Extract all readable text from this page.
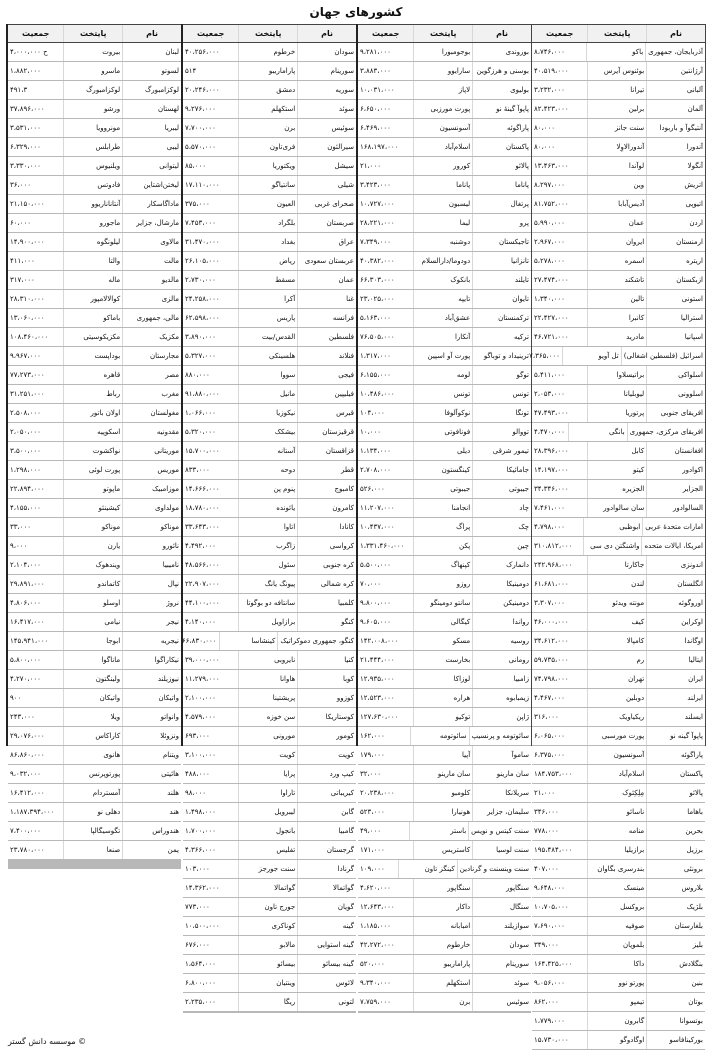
کشورهای جهان
نام
پایتخت
جمعیت
آذربایجان، جمهوری
باکو
۸،۷۴۶،۰۰۰
آرژانتین
بوئنوس آیرس
۴۰،۵۱۹،۰۰۰
آلبانی
تیرانا
۳،۲۳۲،۰۰۰
آلمان
برلین
۸۲،۴۲۳،۰۰۰
آنتیگوآ و باربودا
سنت جانز
۸۰،۰۰۰
آندورا
آندورالاوِلا
۸۰،۰۰۰
آنگولا
لوآندا
۱۳،۴۶۳،۰۰۰
اتریش
وین
۸،۲۹۷،۰۰۰
اتیوپی
آدیس‌آبابا
۸۱،۷۵۲،۰۰۰
اردن
عمان
۵،۹۹۰،۰۰۰
ارمنستان
ایروان
۲،۹۶۷،۰۰۰
اریتره
اسمره
۵،۲۷۸،۰۰۰
ازبکستان
تاشکند
۲۷،۴۷۴،۰۰۰
استونی
تالین
۱،۳۴۰،۰۰۰
استرالیا
کانبرا
۲۲،۴۲۷،۰۰۰
اسپانیا
مادرید
۴۶،۷۲۱،۰۰۰
اسرائیل (فلسطین اشغالی)
تل آویو
۷،۳۶۵،۰۰۰
اسلواکی
براتیسلاوا
۵،۴۱۱،۰۰۰
اسلوونی
لیوبلیانا
۲،۰۵۳،۰۰۰
افریقای جنوبی
پرتوریا
۴۷،۴۹۳،۰۰۰
افریقای مرکزی، جمهوری
بانگی
۴،۴۷۰،۰۰۰
افغانستان
کابل
۲۸،۳۹۶،۰۰۰
اکوادور
کیتو
۱۴،۱۹۷،۰۰۰
الجزایر
الجزیره
۳۴،۳۴۶،۰۰۰
السالوادور
سان سالوادور
۷،۴۶۱،۰۰۰
امارات متحدهٔ عربی
ابوظبی
۴،۷۹۸،۰۰۰
امریکا، ایالات متحده
واشنگتن دی سی
۳۱۰،۸۱۲،۰۰۰
اندونزی
جاکارتا
۲۴۲،۹۶۸،۰۰۰
انگلستان
لندن
۶۱،۶۸۱،۰۰۰
اوروگوئه
مونته ویدئو
۳،۳۰۷،۰۰۰
اوکراین
کیف
۴۶،۰۰۰،۰۰۰
اوگاندا
کامپالا
۳۴،۶۱۲،۰۰۰
ایتالیا
رم
۵۹،۷۳۵،۰۰۰
ایران
تهران
۷۴،۷۹۸،۰۰۰
ایرلند
دوبلین
۴،۴۶۷،۰۰۰
ایسلند
ریکیاویک
۳۱۶،۰۰۰
پاپوآ گینه نو
پورت مورسبی
۶،۰۶۵،۰۰۰
پاراگوئه
آسونسیون
۶،۳۷۵،۰۰۰
پاکستان
اسلام‌آباد
۱۸۴،۷۵۳،۰۰۰
پالائو
مِلِکِئوک
۲۱،۰۰۰
باهاما
ناسائو
۳۴۶،۰۰۰
بحرین
منامه
۷۷۸،۰۰۰
برزیل
برازیلیا
۱۹۵،۴۸۴،۰۰۰
برونئی
بندرسری بگاوان
۴۰۷،۰۰۰
بلاروس
مینسک
۹،۶۴۸،۰۰۰
بلژیک
بروکسل
۱۰،۷۰۵،۰۰۰
بلغارستان
صوفیه
۷،۶۹۰،۰۰۰
بلیز
بلموپان
۳۴۹،۰۰۰
بنگلادش
داکا
۱۶۴،۴۲۵،۰۰۰
بنین
پورتو نوو
۹،۰۵۶،۰۰۰
بوتان
تیمپو
۸۶۲،۰۰۰
بوتسوانا
گابرون
۱،۷۷۹،۰۰۰
بورکینافاسو
اوگادوگو
۱۵،۷۳۰،۰۰۰
نام
پایتخت
جمعیت
بوروندی
بوجومبورا
۹،۲۸۱،۰۰۰
بوسنی و هرزگوین
سارایوو
۳،۸۸۳،۰۰۰
بولیوی
لاپاز
۱۰،۰۳۱،۰۰۰
پاپوآ گینهٔ نو
پورت مورزبی
۶،۶۵۰،۰۰۰
پاراگوئه
آسونسیون
۶،۴۶۹،۰۰۰
پاکستان
اسلام‌آباد
۱۶۸،۱۹۷،۰۰۰
پالائو
کورور
۲۱،۰۰۰
پاناما
پاناما
۳،۴۲۳،۰۰۰
پرتغال
لیسبون
۱۰،۷۲۷،۰۰۰
پرو
لیما
۲۸،۲۲۱،۰۰۰
تاجیکستان
دوشنبه
۷،۳۴۹،۰۰۰
تانزانیا
دودوما/دارالسلام
۴۰،۳۸۲،۰۰۰
تایلند
بانکوک
۶۶،۳۰۳،۰۰۰
تایوان
تایپه
۲۳،۰۲۵،۰۰۰
ترکمنستان
عشق‌آباد
۵،۱۶۳،۰۰۰
ترکیه
آنکارا
۷۶،۵۰۵،۰۰۰
ترینیداد و توباگو
پورت آو اسپین
۱،۳۱۷،۰۰۰
توگو
لومه
۶،۱۵۵،۰۰۰
تونس
تونس
۱۰،۴۸۶،۰۰۰
تونگا
نوکوآلوفا
۱۰۴،۰۰۰
تووالو
فونافوتی
۱۰،۰۰۰
تیمور شرقی
دیلی
۱،۱۳۴،۰۰۰
جامائیکا
کینگستون
۲،۷۰۸،۰۰۰
جیبوتی
جیبوتی
۵۲۶،۰۰۰
چاد
انجامنا
۱۱،۲۰۷،۰۰۰
چک
پراگ
۱۰،۴۳۷،۰۰۰
چین
پکن
۱،۳۳۱،۴۶۰،۰۰۰
دانمارک
کپنهاگ
۵،۵۰۰،۰۰۰
دومینیکا
روزو
۷۰،۰۰۰
دومینیکن
سانتو دومینگو
۹،۸۰۰،۰۰۰
رواندا
کیگالی
۹،۶۰۵،۰۰۰
روسیه
مسکو
۱۴۲،۰۰۸،۰۰۰
رومانی
بخارست
۲۱،۴۴۴،۰۰۰
زامبیا
لوزاکا
۱۲،۹۳۵،۰۰۰
زیمبابوه
هراره
۱۲،۵۲۳،۰۰۰
ژاپن
توکیو
۱۲۷،۶۳۰،۰۰۰
سائوتومه و پرنسیپ
سائوتومه
۱۶۲،۰۰۰
ساموآ
آپیا
۱۷۹،۰۰۰
سان مارینو
سان مارینو
۳۲،۰۰۰
سریلانکا
کلومبو
۲۰،۲۳۸،۰۰۰
سلیمان، جزایر
هونیارا
۵۲۳،۰۰۰
سنت کیتس و نویس
باستر
۴۹،۰۰۰
سنت لوسیا
کاستریس
۱۷۱،۰۰۰
سنت وینسنت و گرنادین
کینگز تاون
۱۰۹،۰۰۰
سنگاپور
سنگاپور
۴،۶۲۰،۰۰۰
سنگال
داکار
۱۲،۶۴۳،۰۰۰
سوازیلند
امبابانه
۱،۱۸۵،۰۰۰
سودان
خارطوم
۴۲،۲۷۲،۰۰۰
سورینام
پاراماریبو
۵۲۰،۰۰۰
سوئد
استکهلم
۹،۳۴۰،۰۰۰
سوئیس
برن
۷،۷۵۹،۰۰۰
نام
پایتخت
جمعیت
سودان
خرطوم
۴۰،۲۵۶،۰۰۰
سورینام
پاراماریبو
۵۱۴
سوریه
دمشق
۲۰،۲۴۶،۰۰۰
سوئد
استکهلم
۹،۲۷۶،۰۰۰
سوئیس
برن
۷،۷۰۰،۰۰۰
سیرالئون
فری‌تاون
۵،۵۷۰،۰۰۰
سیشل
ویکتوریا
۸۵،۰۰۰
شیلی
سانتیاگو
۱۷،۱۱۰،۰۰۰
صحرای غربی
العیون
۳۷۵،۰۰۰
صربستان
بلگراد
۷،۴۵۳،۰۰۰
عراق
بغداد
۳۱،۴۷۰،۰۰۰
عربستان سعودی
ریاض
۲۶،۱۰۵،۰۰۰
عمان
مسقط
۲،۷۳۰،۰۰۰
غنا
آکرا
۲۴،۲۵۸،۰۰۰
فرانسه
پاریس
۶۲،۵۹۸،۰۰۰
فلسطین
القدس/بیت
۳،۸۹۰،۰۰۰
فنلاند
هلسینکی
۵،۳۲۷،۰۰۰
فیجی
سووا
۸۸۰،۰۰۰
فیلیپین
مانیل
۹۱،۸۸۰،۰۰۰
قبرس
نیکوزیا
۱،۰۶۶،۰۰۰
قرقیزستان
بیشکک
۵،۳۲۰،۰۰۰
قزاقستان
آستانه
۱۵،۷۰۰،۰۰۰
قطر
دوحه
۸۳۳،۰۰۰
کامبوج
پنوم پن
۱۴،۶۶۶،۰۰۰
کامرون
یائونده
۱۸،۷۸۰،۰۰۰
کانادا
اتاوا
۳۳،۶۴۳،۰۰۰
کرواسی
زاگرب
۴،۴۹۲،۰۰۰
کره جنوبی
سئول
۴۸،۵۶۶،۰۰۰
کره شمالی
پیونگ یانگ
۲۲،۹۰۷،۰۰۰
کلمبیا
سانتافه دو بوگوتا
۴۴،۱۰۰،۰۰۰
کنگو
برازاویل
۴،۱۴۰،۰۰۰
کنگو، جمهوری دموکراتیک
کینشاسا
۶۶،۸۳۰،۰۰۰
کنیا
نایروبی
۳۹،۰۰۰،۰۰۰
کوبا
هاوانا
۱۱،۲۷۹،۰۰۰
کوزوو
پریشتینا
۲،۱۰۰،۰۰۰
کوستاریکا
سن خوزه
۴،۵۷۹،۰۰۰
کومور
مورونی
۶۹۳،۰۰۰
کویت
کویت
۳،۱۰۰،۰۰۰
کیپ ورد
پرایا
۴۸۸،۰۰۰
کیریباتی
تاراوا
۹۸،۰۰۰
گابن
لیبرویل
۱،۴۹۸،۰۰۰
گامبیا
بانجول
۱،۷۰۰،۰۰۰
گرجستان
تفلیس
۴،۳۶۶،۰۰۰
گرنادا
سنت جورجز
۱۰۳،۰۰۰
گواتمالا
گواتمالا
۱۴،۳۶۲،۰۰۰
گویان
جورج تاون
۷۷۳،۰۰۰
گینه
کوناکری
۱۰،۵۰۰،۰۰۰
گینه استوایی
مالابو
۶۷۶،۰۰۰
گینه بیسائو
بیسائو
۱،۵۶۴،۰۰۰
لائوس
وینتیان
۶،۸۰۰،۰۰۰
لتونی
ریگا
۲،۲۳۵،۰۰۰
نام
پایتخت
جمعیت
لبنان
بیروت
۴،۰۰۰،۰۰۰ ح
لسوتو
ماسرو
۱،۸۸۲،۰۰۰
لوکزامبورگ
لوکزامبورگ
۴۹۱،۳
لهستان
ورشو
۳۷،۸۹۶،۰۰۰
لیبریا
مونروویا
۳،۵۳۱،۰۰۰
لیبی
طرابلس
۶،۳۲۹،۰۰۰
لیتوانی
ویلنیوس
۳،۳۳۰،۰۰۰
لیختن‌اشتاین
فادوتس
۳۶،۰۰۰
ماداگاسکار
آنتاناناریوو
۲۱،۱۵۰،۰۰۰
مارشال، جزایر
ماجورو
۶۰،۰۰۰
مالاوی
لیلونگوه
۱۴،۹۰۰،۰۰۰
مالت
والتا
۴۱۱،۰۰۰
مالدیو
ماله
۳۱۷،۰۰۰
مالزی
کوالالامپور
۲۸،۳۱۰،۰۰۰
مالی، جمهوری
باماکو
۱۳،۰۶۰،۰۰۰
مکزیک
مکزیکوسیتی
۱۰۸،۴۶۰،۰۰۰
مجارستان
بوداپست
۹،۹۶۷،۰۰۰
مصر
قاهره
۷۷،۲۷۳،۰۰۰
مغرب
رباط
۳۱،۲۵۱،۰۰۰
مغولستان
اولان باتور
۲،۵۰۸،۰۰۰
مقدونیه
اسکوپیه
۲،۰۵۰،۰۰۰
موریتانی
نواکشوت
۳،۵۰۰،۰۰۰
موریس
پورت لوئی
۱،۲۹۸،۰۰۰
موزامبیک
ماپوتو
۲۲،۸۹۴،۰۰۰
مولداوی
کیشینئو
۴،۱۵۵،۰۰۰
موناکو
موناکو
۳۳،۰۰۰
نائورو
یارن
۹،۰۰۰
نامیبیا
ویندهوک
۲،۱۰۴،۰۰۰
نپال
کاتماندو
۲۹،۸۹۱،۰۰۰
نروژ
اوسلو
۴،۸۰۶،۰۰۰
نیجر
نیامی
۱۶،۴۱۷،۰۰۰
نیجریه
ابوجا
۱۴۵،۹۴۱،۰۰۰
نیکاراگوا
ماناگوا
۵،۸۰۰،۰۰۰
نیوزیلند
ولینگتون
۴،۲۷۰،۰۰۰
واتیکان
واتیکان
۹۰۰
وانواتو
ویلا
۲۴۳،۰۰۰
ونزوئلا
کاراکاس
۲۹،۰۷۶،۰۰۰
ویتنام
هانوی
۸۶،۸۶۰،۰۰۰
هائیتی
پورتوپرنس
۹،۰۳۲،۰۰۰
هلند
آمستردام
۱۶،۴۱۲،۰۰۰
هند
دهلی نو
۱،۱۸۷،۳۹۴،۰۰۰
هندوراس
تگوسیگالپا
۷،۴۰۰،۰۰۰
یمن
صنعا
۲۳،۷۸۰،۰۰۰
© موسسه دانش گستر
